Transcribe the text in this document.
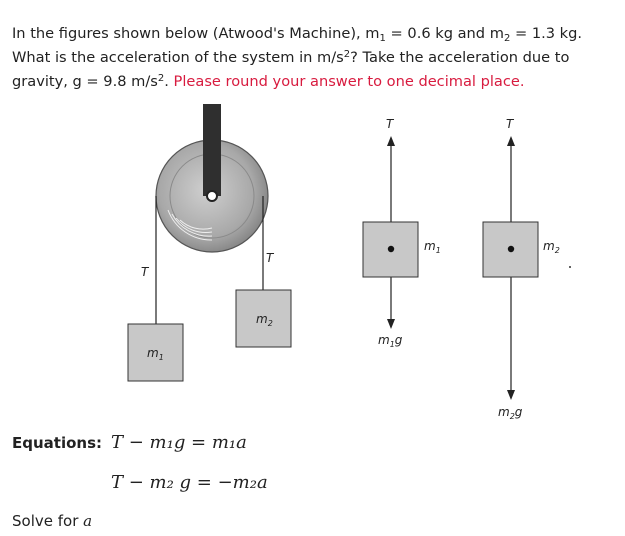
In the figures shown below (Atwood's Machine), $m_1 = 0.6$ kg and $m_2 = 1.3$ kg. What is the acceleration of the system in $m/s^2$? Take the acceleration due to gravity, g = 9.8 $m/s^2$. Please round your answer to one decimal place.

T
T
$m_1$
$m_2$
T
$m_1$
$m_1g$
T
$m_2$
$m_2g$
Equations: T − m₁g = m₁a
T − m₂ g = −m₂a
Solve for a
